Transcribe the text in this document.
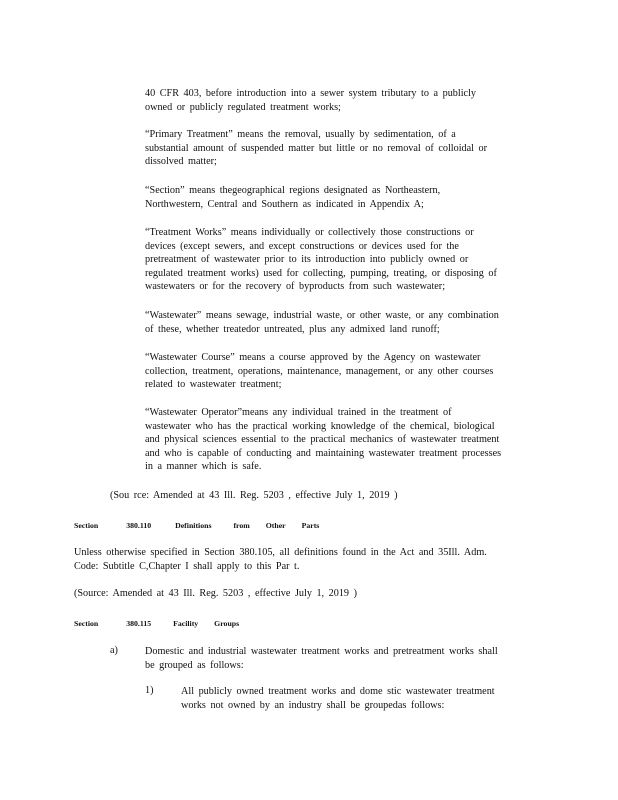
40 CFR 403, before introduction into a sewer system tributary to a publicly
owned or publicly regulated treatment works;
“Primary Treatment” means the removal, usually by sedimentation, of a
substantial amount of suspended matter but little or no removal of colloidal or
dissolved matter;
“Section” means thegeographical regions designated as Northeastern,
Northwestern, Central and Southern as indicated in Appendix A;
“Treatment Works” means individually or collectively those constructions or
devices (except sewers, and except constructions or devices used for the
pretreatment of wastewater prior to its introduction into publicly owned or
regulated treatment works) used for collecting, pumping, treating, or disposing of
wastewaters or for the recovery of byproducts from such wastewater;
“Wastewater” means sewage, industrial waste, or other waste, or any combination
of these, whether treatedor untreated, plus any admixed land runoff;
“Wastewater Course” means a course approved by the Agency on wastewater
collection, treatment, operations, maintenance, management, or any other courses
related to wastewater treatment;
“Wastewater Operator”means any individual trained in the treatment of
wastewater who has the practical working knowledge of the chemical, biological
and physical sciences essential to the practical mechanics of wastewater treatment
and who is capable of conducting and maintaining wastewater treatment processes
in a manner which is safe.
(Sou rce: Amended at 43 Ill. Reg. 5203 , effective July 1, 2019 )
Section	380.110	Definitions	from Other Parts
Unless otherwise specified in Section 380.105, all definitions found in the Act and 35Ill. Adm.
Code: Subtitle C,Chapter I shall apply to this Par t.
(Source: Amended at 43 Ill. Reg. 5203 , effective July 1, 2019 )
Section	380.115	Facility Groups
a)	Domestic and industrial wastewater treatment works and pretreatment works shall
be grouped as follows:
1)	All publicly owned treatment works and dome stic wastewater treatment
works not owned by an industry shall be groupedas follows:
